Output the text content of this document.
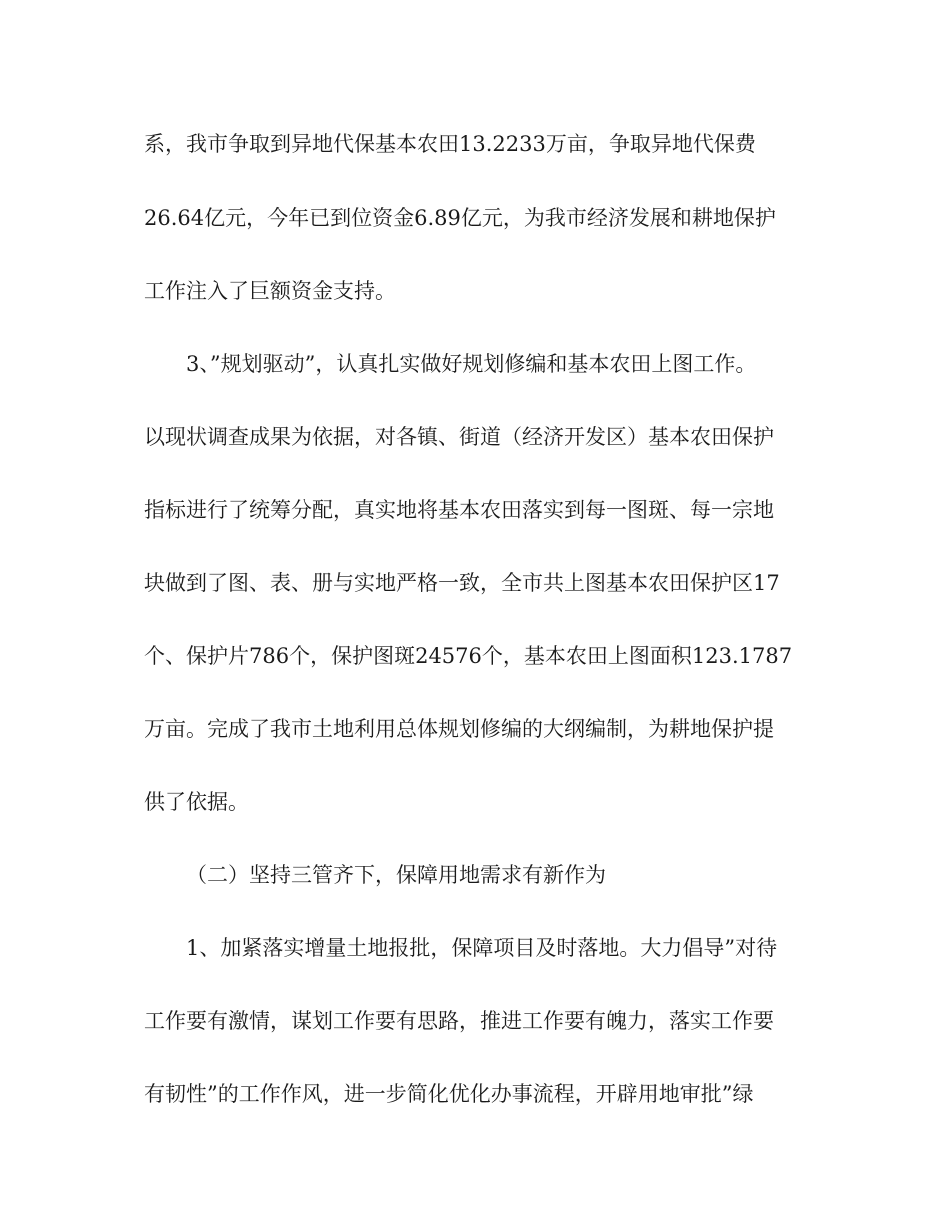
系，我市争取到异地代保基本农田13.2233万亩，争取异地代保费
26.64亿元，今年已到位资金6.89亿元，为我市经济发展和耕地保护
工作注入了巨额资金支持。
3、”规划驱动”，认真扎实做好规划修编和基本农田上图工作。
以现状调查成果为依据，对各镇、街道（经济开发区）基本农田保护
指标进行了统筹分配，真实地将基本农田落实到每一图斑、每一宗地
块做到了图、表、册与实地严格一致，全市共上图基本农田保护区17
个、保护片786个，保护图斑24576个，基本农田上图面积123.1787
万亩。完成了我市土地利用总体规划修编的大纲编制，为耕地保护提
供了依据。
（二）坚持三管齐下，保障用地需求有新作为
1、加紧落实增量土地报批，保障项目及时落地。大力倡导”对待
工作要有激情，谋划工作要有思路，推进工作要有魄力，落实工作要
有韧性”的工作作风，进一步简化优化办事流程，开辟用地审批”绿
